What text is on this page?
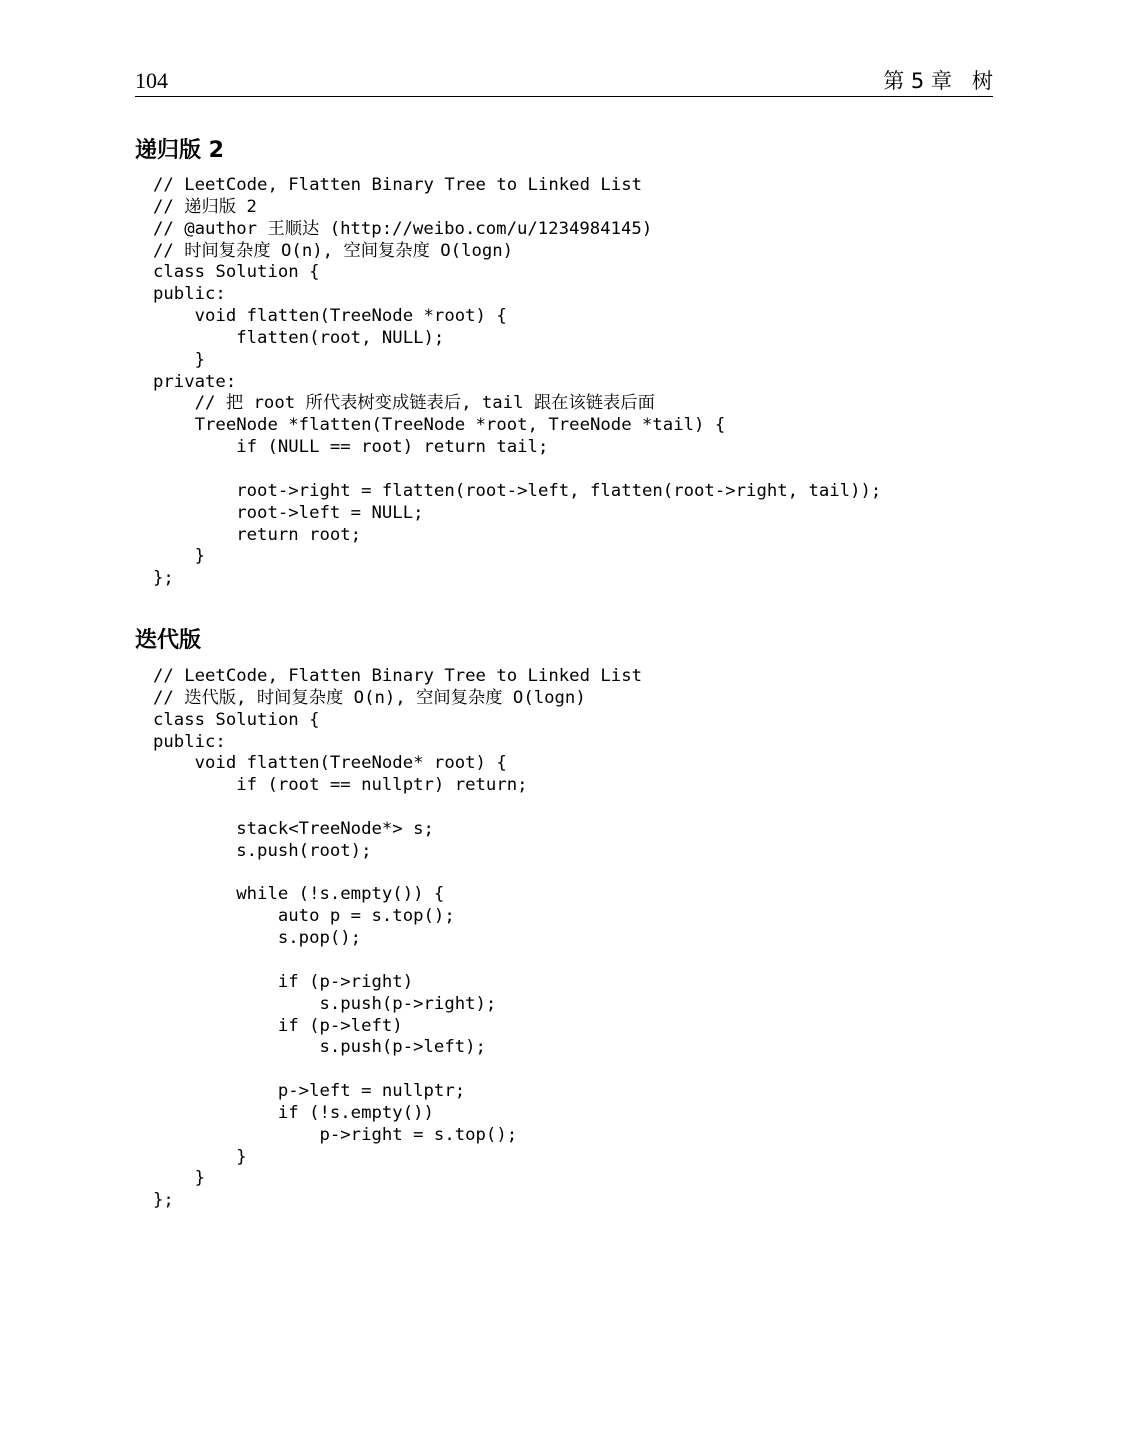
104	第 5 章   树
递归版 2
// LeetCode, Flatten Binary Tree to Linked List
// 递归版 2
// @author 王顺达 (http://weibo.com/u/1234984145)
// 时间复杂度 O(n), 空间复杂度 O(logn)
class Solution {
public:
void flatten(TreeNode *root) {
flatten(root, NULL);
}
private:
// 把 root 所代表树变成链表后, tail 跟在该链表后面
TreeNode *flatten(TreeNode *root, TreeNode *tail) {
if (NULL == root) return tail;
root->right = flatten(root->left, flatten(root->right, tail));
root->left = NULL;
return root;
}
};
迭代版
// LeetCode, Flatten Binary Tree to Linked List
// 迭代版, 时间复杂度 O(n), 空间复杂度 O(logn)
class Solution {
public:
void flatten(TreeNode* root) {
if (root == nullptr) return;
stack<TreeNode*> s;
s.push(root);
while (!s.empty()) {
auto p = s.top();
s.pop();
if (p->right)
s.push(p->right);
if (p->left)
s.push(p->left);
p->left = nullptr;
if (!s.empty())
p->right = s.top();
}
}
};
